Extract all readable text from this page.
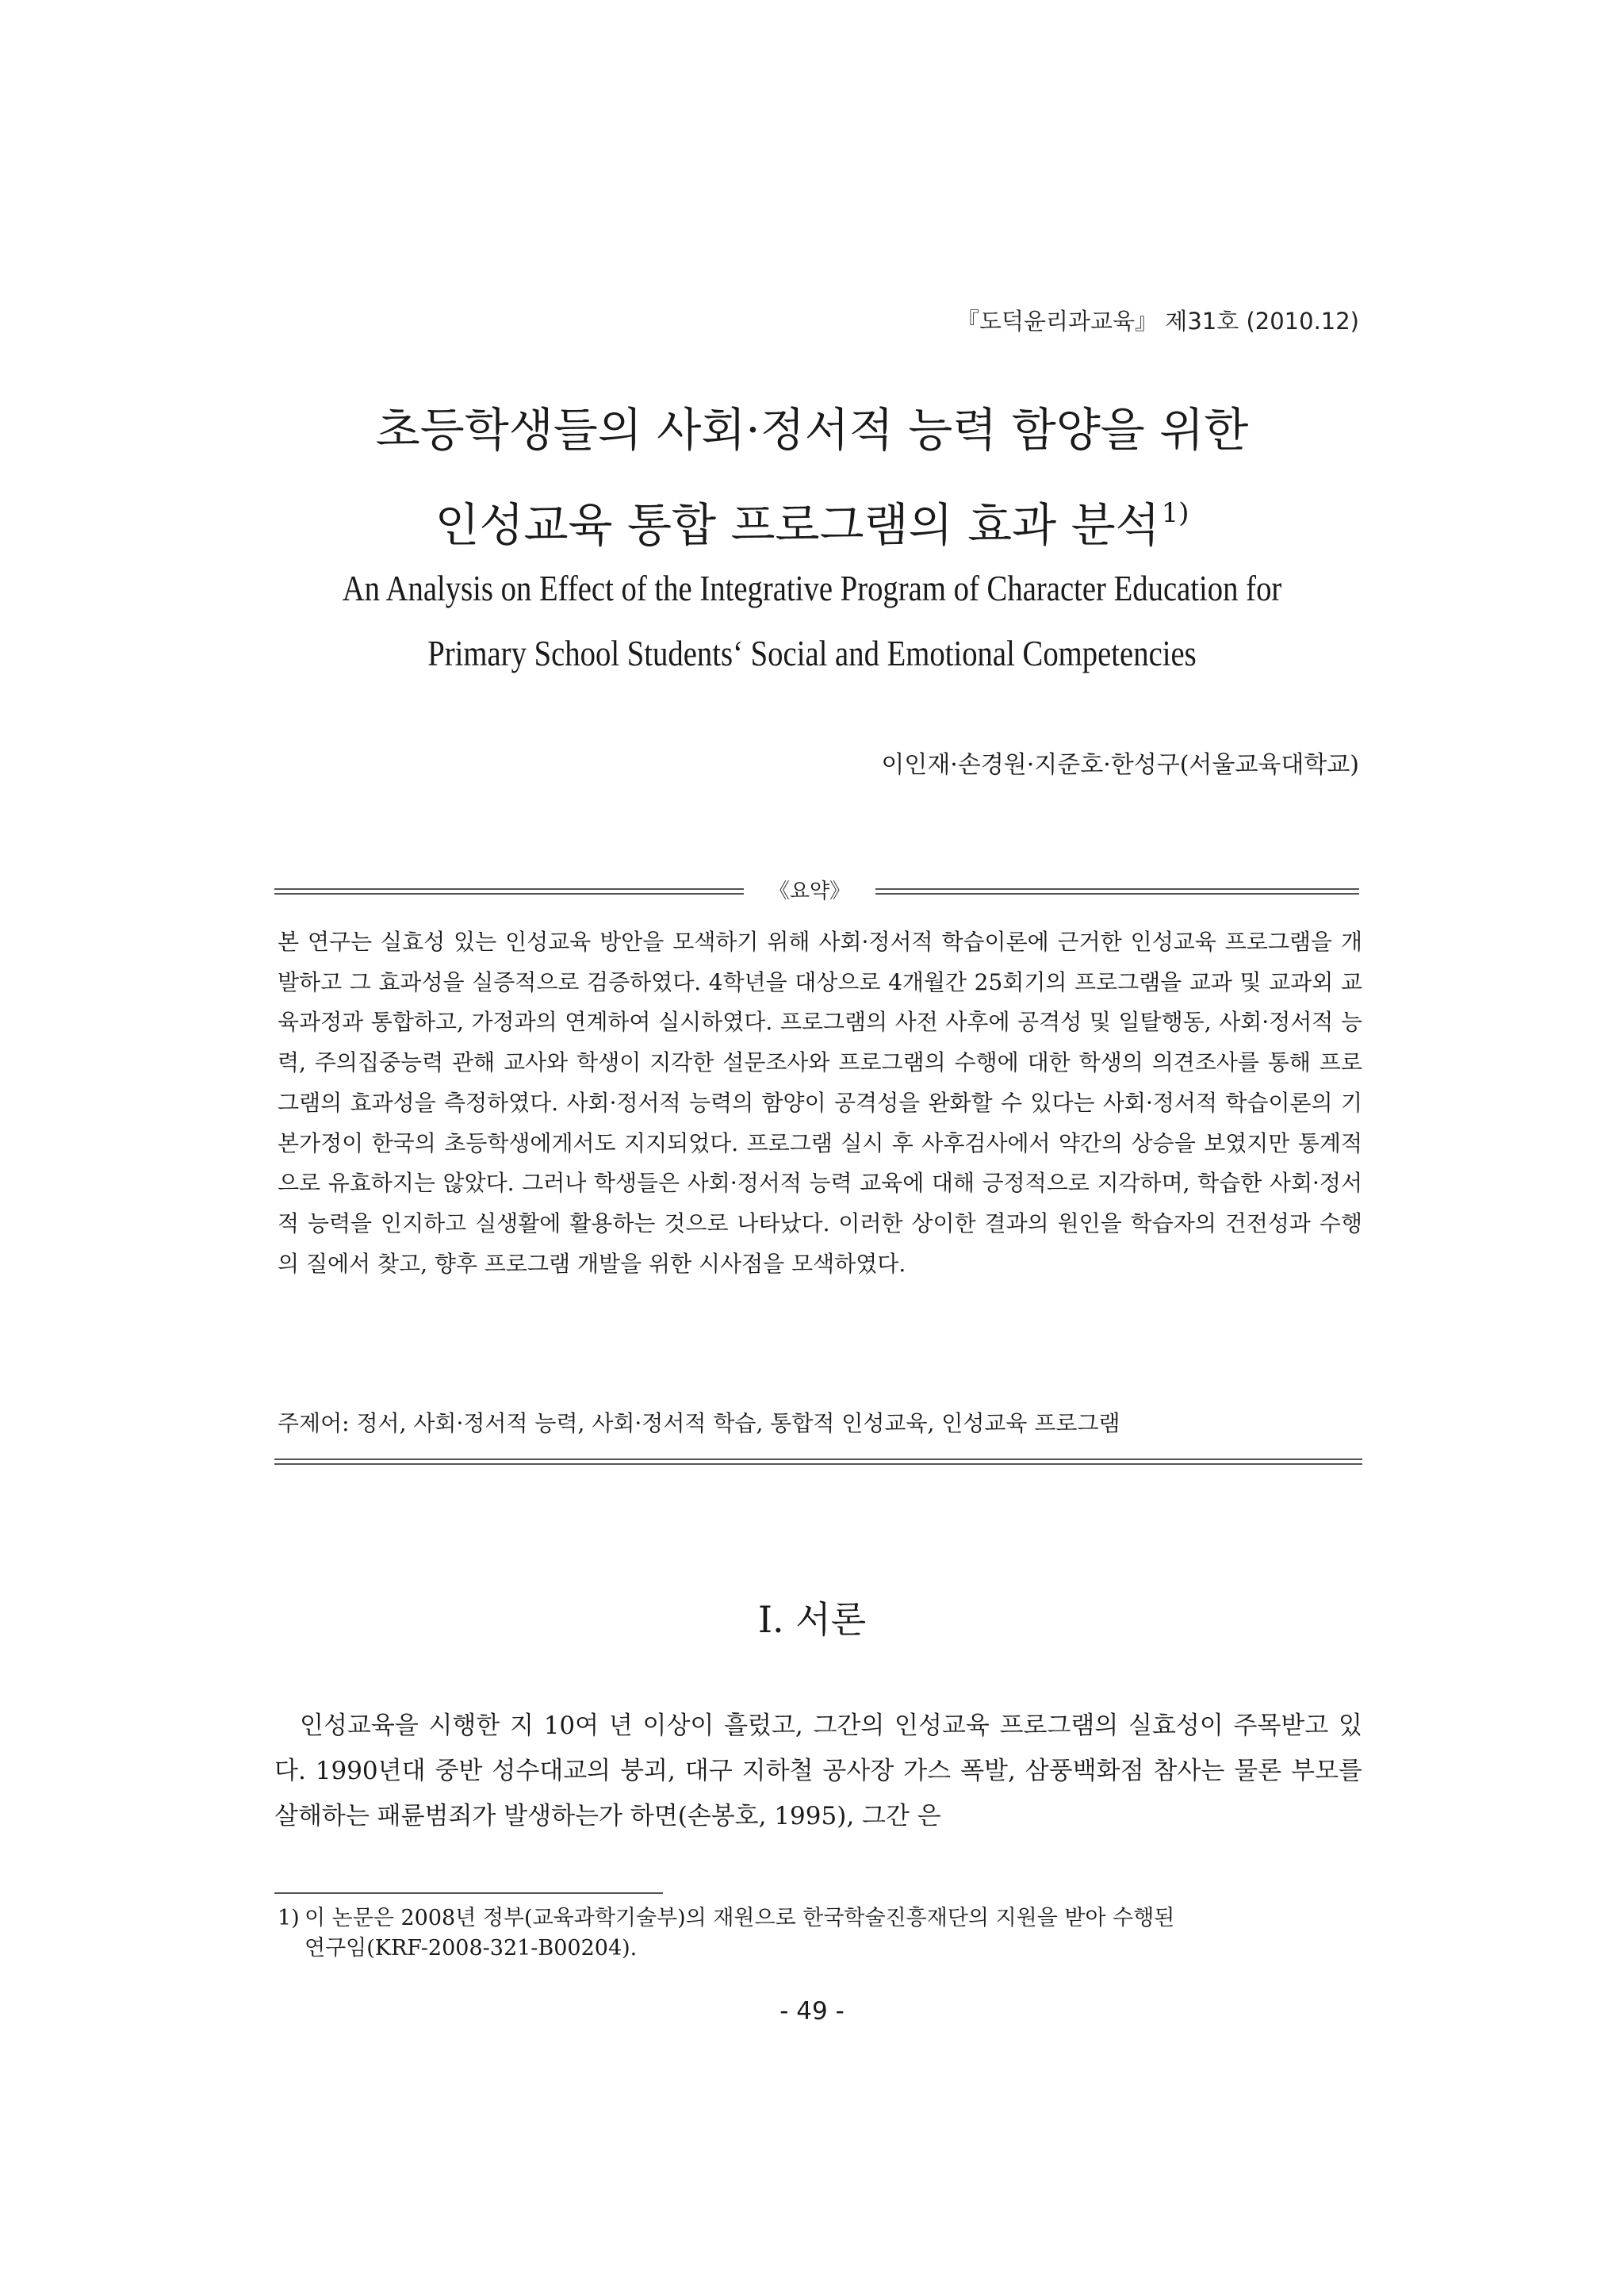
『도덕윤리과교육』 제31호 (2010.12)
초등학생들의 사회·정서적 능력 함양을 위한
인성교육 통합 프로그램의 효과 분석$^{1)}$
An Analysis on Effect of the Integrative Program of Character Education for
Primary School Students‘ Social and Emotional Competencies
이인재·손경원·지준호·한성구(서울교육대학교)
《요약》

본 연구는 실효성 있는 인성교육 방안을 모색하기 위해 사회·정서적 학습이론에 근거한 인성교육 프로그램을 개발하고 그 효과성을 실증적으로 검증하였다. 4학년을 대상으로 4개월간 25회기의 프로그램을 교과 및 교과외 교육과정과 통합하고, 가정과의 연계하여 실시하였다. 프로그램의 사전 사후에 공격성 및 일탈행동, 사회·정서적 능력, 주의집중능력 관해 교사와 학생이 지각한 설문조사와 프로그램의 수행에 대한 학생의 의견조사를 통해 프로그램의 효과성을 측정하였다. 사회·정서적 능력의 함양이 공격성을 완화할 수 있다는 사회·정서적 학습이론의 기본가정이 한국의 초등학생에게서도 지지되었다. 프로그램 실시 후 사후검사에서 약간의 상승을 보였지만 통계적으로 유효하지는 않았다. 그러나 학생들은 사회·정서적 능력 교육에 대해 긍정적으로 지각하며, 학습한 사회·정서적 능력을 인지하고 실생활에 활용하는 것으로 나타났다. 이러한 상이한 결과의 원인을 학습자의 건전성과 수행의 질에서 찾고, 향후 프로그램 개발을 위한 시사점을 모색하였다.

주제어: 정서, 사회·정서적 능력, 사회·정서적 학습, 통합적 인성교육, 인성교육 프로그램
Ⅰ. 서론

인성교육을 시행한 지 10여 년 이상이 흘렀고, 그간의 인성교육 프로그램의 실효성이 주목받고 있다. 1990년대 중반 성수대교의 붕괴, 대구 지하철 공사장 가스 폭발, 삼풍백화점 참사는 물론 부모를 살해하는 패륜범죄가 발생하는가 하면(손봉호, 1995), 그간 은

1) 이 논문은 2008년 정부(교육과학기술부)의 재원으로 한국학술진흥재단의 지원을 받아 수행된
연구임(KRF-2008-321-B00204).
- 49 -
